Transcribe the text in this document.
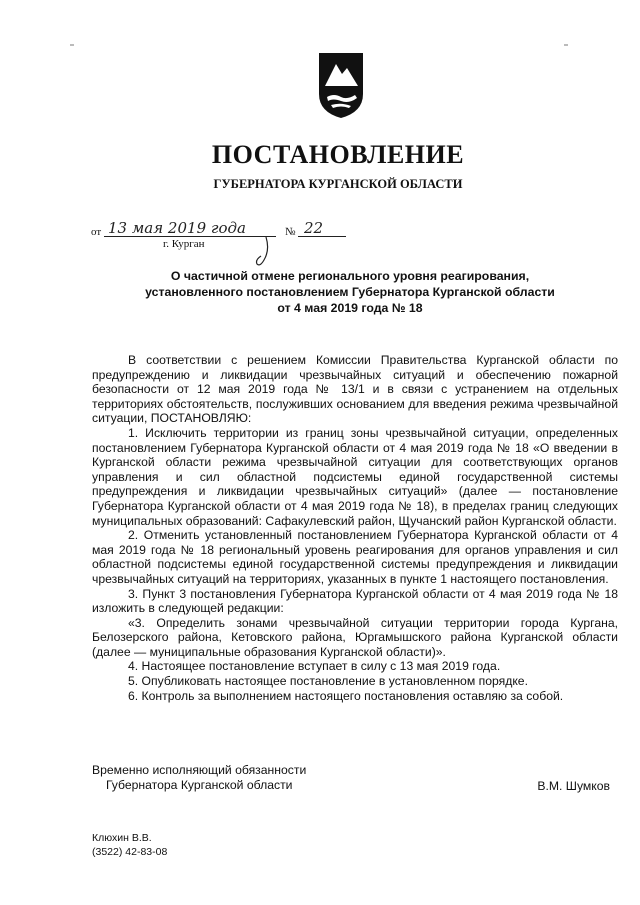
ПОСТАНОВЛЕНИЕ
ГУБЕРНАТОРА КУРГАНСКОЙ ОБЛАСТИ
от 13 мая 2019 года	№ 22
г. Курган
О частичной отмене регионального уровня реагирования,
установленного постановлением Губернатора Курганской области
от 4 мая 2019 года № 18

В соответствии с решением Комиссии Правительства Курганской области по предупреждению и ликвидации чрезвычайных ситуаций и обеспечению пожарной безопасности от 12 мая 2019 года № 13/1 и в связи с устранением на отдельных территориях обстоятельств, послуживших основанием для введения режима чрезвычайной ситуации, ПОСТАНОВЛЯЮ:

1. Исключить территории из границ зоны чрезвычайной ситуации, определенных постановлением Губернатора Курганской области от 4 мая 2019 года № 18 «О введении в Курганской области режима чрезвычайной ситуации для соответствующих органов управления и сил областной подсистемы единой государственной системы предупреждения и ликвидации чрезвычайных ситуаций» (далее — постановление Губернатора Курганской области от 4 мая 2019 года № 18), в пределах границ следующих муниципальных образований: Сафакулевский район, Щучанский район Курганской области.

2. Отменить установленный постановлением Губернатора Курганской области от 4 мая 2019 года № 18 региональный уровень реагирования для органов управления и сил областной подсистемы единой государственной системы предупреждения и ликвидации чрезвычайных ситуаций на территориях, указанных в пункте 1 настоящего постановления.

3. Пункт 3 постановления Губернатора Курганской области от 4 мая 2019 года № 18 изложить в следующей редакции:

«3. Определить зонами чрезвычайной ситуации территории города Кургана, Белозерского района, Кетовского района, Юргамышского района Курганской области (далее — муниципальные образования Курганской области)».

4. Настоящее постановление вступает в силу с 13 мая 2019 года.

5. Опубликовать настоящее постановление в установленном порядке.

6. Контроль за выполнением настоящего постановления оставляю за собой.

Временно исполняющий обязанности
Губернатора Курганской области	В.М. Шумков
Клюхин В.В.
(3522) 42-83-08
